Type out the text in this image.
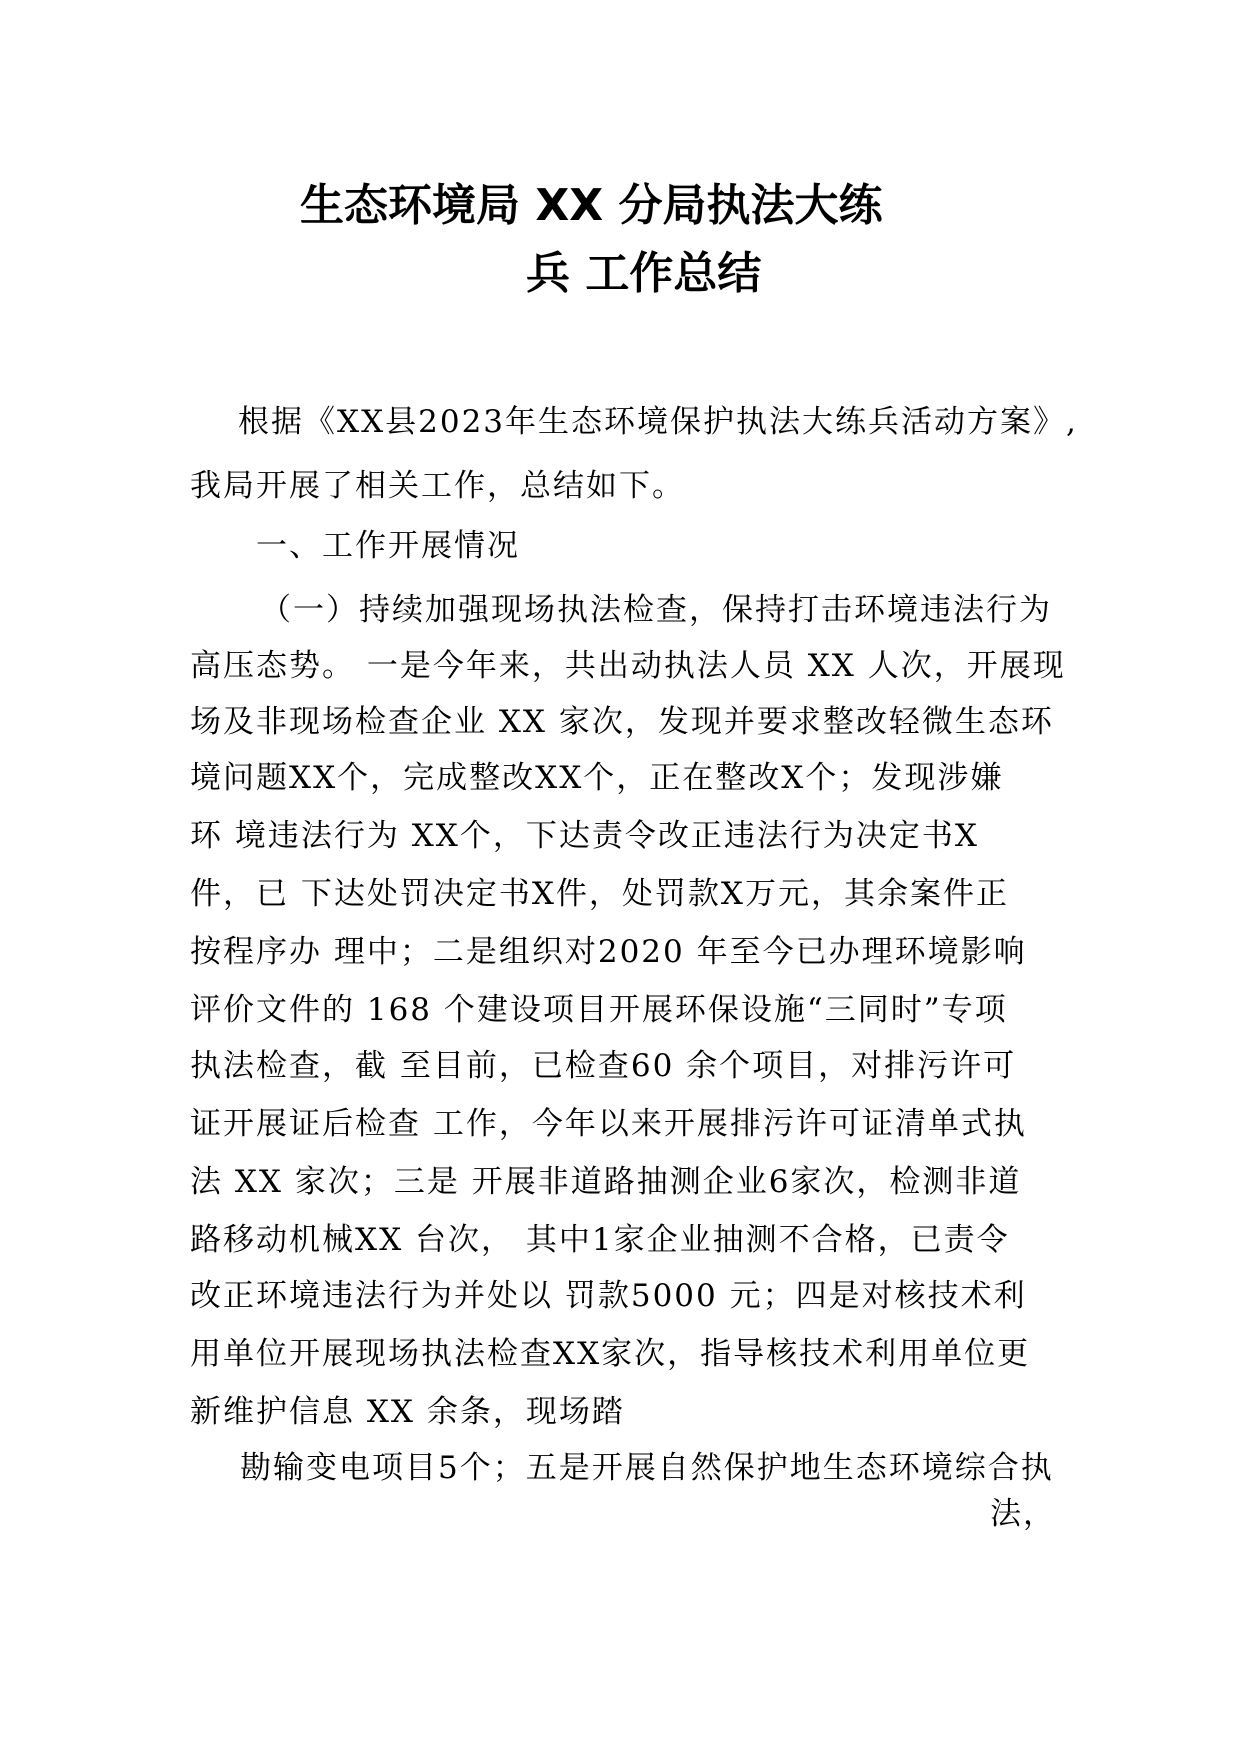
生态环境局 XX 分局执法大练
兵 工作总结
根据《XX县2023年生态环境保护执法大练兵活动方案》,
我局开展了相关工作，总结如下。
一、工作开展情况
（一）持续加强现场执法检查，保持打击环境违法行为
高压态势。 一是今年来，共出动执法人员 XX 人次，开展现
场及非现场检查企业 XX 家次，发现并要求整改轻微生态环
境问题XX个，完成整改XX个，正在整改X个；发现涉嫌
环 境违法行为 XX个，下达责令改正违法行为决定书X
件，已 下达处罚决定书X件，处罚款X万元，其余案件正
按程序办 理中；二是组织对2020 年至今已办理环境影响
评价文件的 168 个建设项目开展环保设施“三同时”专项
执法检查，截 至目前，已检查60 余个项目，对排污许可
证开展证后检查 工作，今年以来开展排污许可证清单式执
法 XX 家次；三是 开展非道路抽测企业6家次，检测非道
路移动机械XX 台次， 其中1家企业抽测不合格，已责令
改正环境违法行为并处以 罚款5000 元；四是对核技术利
用单位开展现场执法检查XX家次，指导核技术利用单位更
新维护信息 XX 余条，现场踏
勘输变电项目5个；五是开展自然保护地生态环境综合执
法，
